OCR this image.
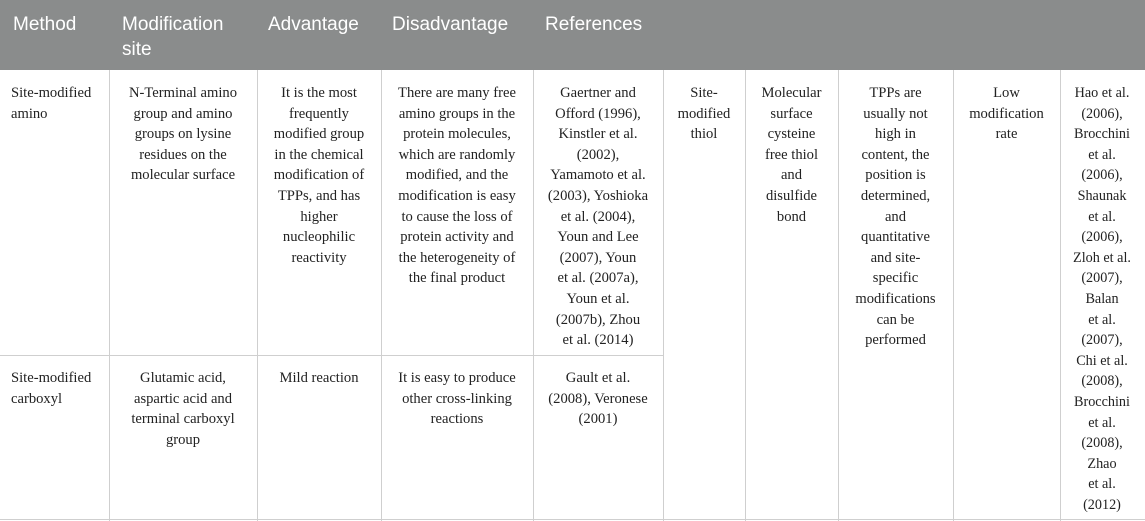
Method Modification
site
Advantage Disadvantage References
Site-modified
amino
N-Terminal amino
group and amino
groups on lysine
residues on the
molecular surface
It is the most
frequently
modified group
in the chemical
modification of
TPPs, and has
higher
nucleophilic
reactivity
There are many free
amino groups in the
protein molecules,
which are randomly
modified, and the
modification is easy
to cause the loss of
protein activity and
the heterogeneity of
the final product
Gaertner and
Offord (1996),
Kinstler et al.
(2002),
Yamamoto et al.
(2003), Yoshioka
et al. (2004),
Youn and Lee
(2007), Youn
et al. (2007a),
Youn et al.
(2007b), Zhou
et al. (2014)
Site-modified
carboxyl
Glutamic acid,
aspartic acid and
terminal carboxyl
group
Mild reaction	It is easy to produce
other cross-linking
reactions
Gault et al.
(2008), Veronese
(2001)
Site-
modified
thiol
Molecular
surface
cysteine
free thiol
and
disulfide
bond
TPPs are
usually not
high in
content, the
position is
determined,
and
quantitative
and site-
specific
modifications
can be
performed
Low
modification
rate
Hao et al.
(2006),
Brocchini
et al.
(2006),
Shaunak
et al.
(2006),
Zloh et al.
(2007),
Balan
et al.
(2007),
Chi et al.
(2008),
Brocchini
et al.
(2008),
Zhao
et al.
(2012)
